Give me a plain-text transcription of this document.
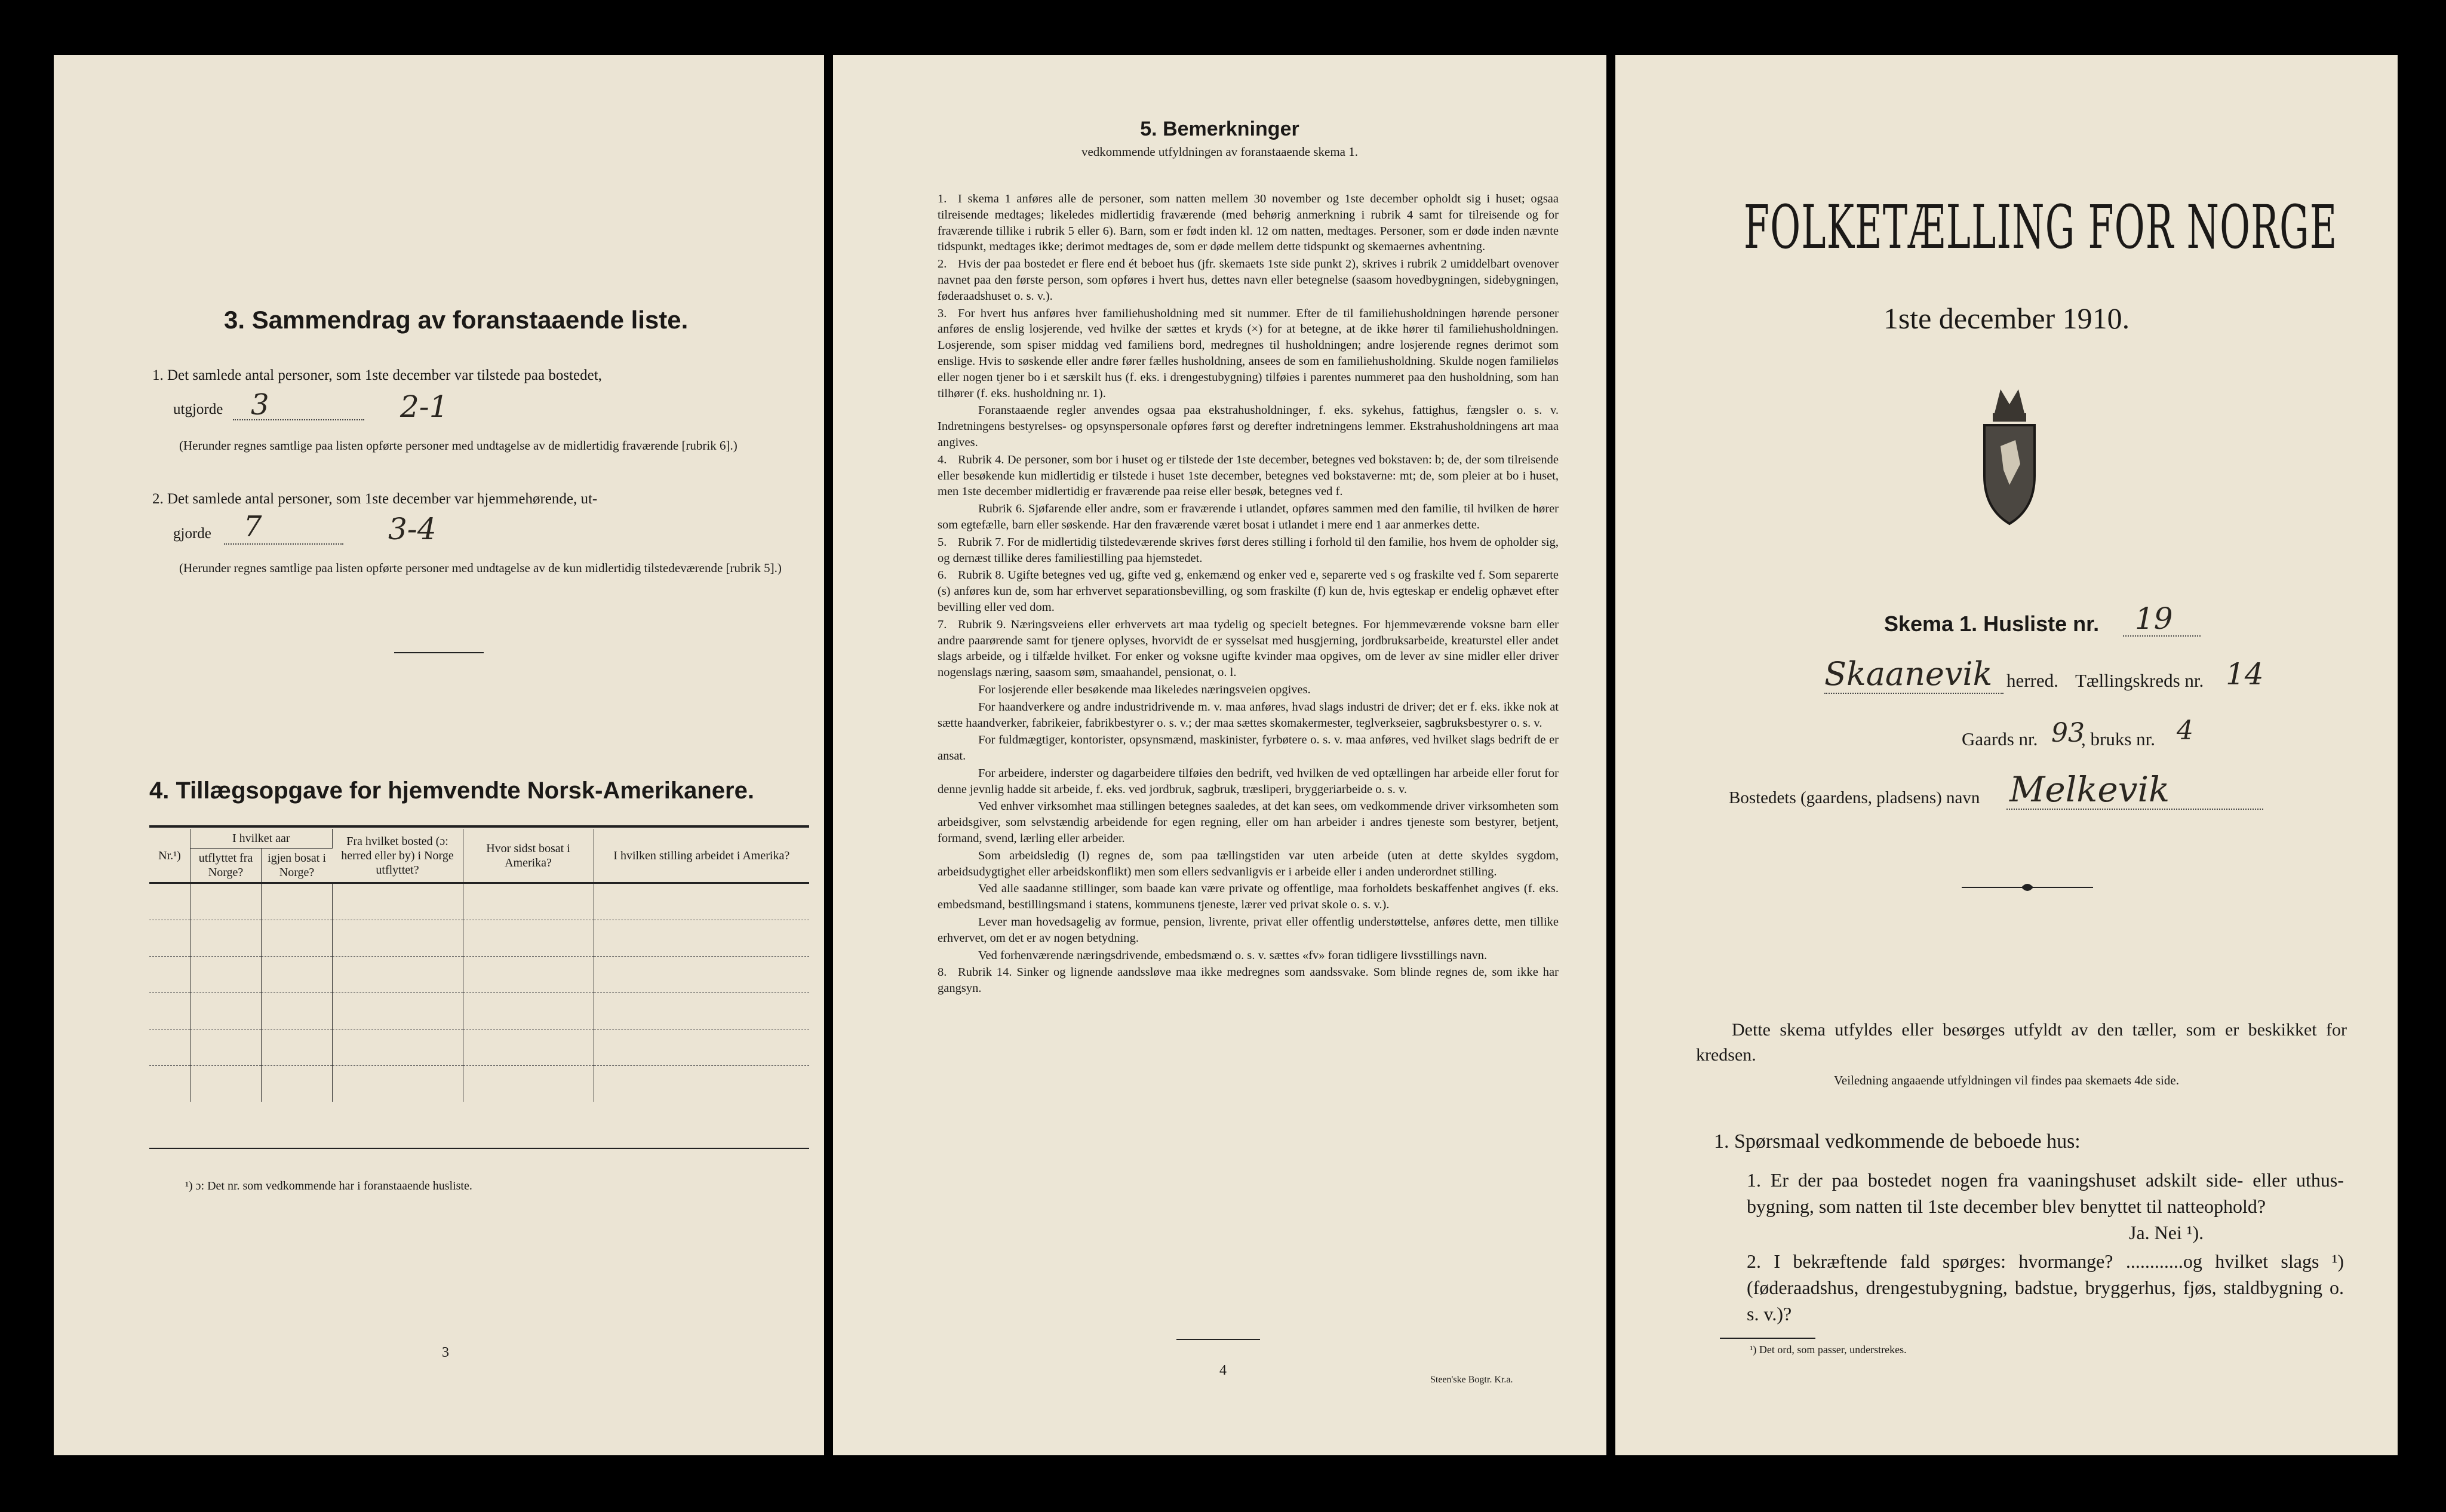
3. Sammendrag av foranstaaende liste.
1. Det samlede antal personer, som 1ste december var tilstede paa bostedet,
utgjorde 3	2-1
(Herunder regnes samtlige paa listen opførte personer med undtagelse av de midlertidig fraværende [rubrik 6].)
2. Det samlede antal personer, som 1ste december var hjemmehørende, ut-
gjorde 7	3-4
(Herunder regnes samtlige paa listen opførte personer med undtagelse av de kun midlertidig tilstedeværende [rubrik 5].)
4. Tillægsopgave for hjemvendte Norsk-Amerikanere.
Nr.¹)	I hvilket aar		Fra hvilket bosted (ɔ: herred eller by) i Norge utflyttet?	Hvor sidst bosat i Amerika?	I hvilken stilling arbeidet i Amerika?
	utflyttet fra Norge?	igjen bosat i Norge?			

¹) ɔ: Det nr. som vedkommende har i foranstaaende husliste.
3
5. Bemerkninger
vedkommende utfyldningen av foranstaaende skema 1.

1. I skema 1 anføres alle de personer, som natten mellem 30 november og 1ste december opholdt sig i huset; ogsaa tilreisende medtages; likeledes midlertidig fraværende (med behørig anmerkning i rubrik 4 samt for tilreisende og for fraværende tillike i rubrik 5 eller 6). Barn, som er født inden kl. 12 om natten, medtages. Personer, som er døde inden nævnte tidspunkt, medtages ikke; derimot medtages de, som er døde mellem dette tidspunkt og skemaernes avhentning.

2. Hvis der paa bostedet er flere end ét beboet hus (jfr. skemaets 1ste side punkt 2), skrives i rubrik 2 umiddelbart ovenover navnet paa den første person, som opføres i hvert hus, dettes navn eller betegnelse (saasom hovedbygningen, sidebygningen, føderaadshuset o. s. v.).

3. For hvert hus anføres hver familiehusholdning med sit nummer. Efter de til familiehusholdningen hørende personer anføres de enslig losjerende, ved hvilke der sættes et kryds (×) for at betegne, at de ikke hører til familiehusholdningen. Losjerende, som spiser middag ved familiens bord, medregnes til husholdningen; andre losjerende regnes derimot som enslige. Hvis to søskende eller andre fører fælles husholdning, ansees de som en familiehusholdning. Skulde nogen familieløs eller nogen tjener bo i et særskilt hus (f. eks. i drengestubygning) tilføies i parentes nummeret paa den husholdning, som han tilhører (f. eks. husholdning nr. 1).

Foranstaaende regler anvendes ogsaa paa ekstrahusholdninger, f. eks. sykehus, fattighus, fængsler o. s. v. Indretningens bestyrelses- og opsynspersonale opføres først og derefter indretningens lemmer. Ekstrahusholdningens art maa angives.

4. Rubrik 4. De personer, som bor i huset og er tilstede der 1ste december, betegnes ved bokstaven: b; de, der som tilreisende eller besøkende kun midlertidig er tilstede i huset 1ste december, betegnes ved bokstaverne: mt; de, som pleier at bo i huset, men 1ste december midlertidig er fraværende paa reise eller besøk, betegnes ved f.

Rubrik 6. Sjøfarende eller andre, som er fraværende i utlandet, opføres sammen med den familie, til hvilken de hører som egtefælle, barn eller søskende. Har den fraværende været bosat i utlandet i mere end 1 aar anmerkes dette.

5. Rubrik 7. For de midlertidig tilstedeværende skrives først deres stilling i forhold til den familie, hos hvem de opholder sig, og dernæst tillike deres familiestilling paa hjemstedet.

6. Rubrik 8. Ugifte betegnes ved ug, gifte ved g, enkemænd og enker ved e, separerte ved s og fraskilte ved f. Som separerte (s) anføres kun de, som har erhvervet separationsbevilling, og som fraskilte (f) kun de, hvis egteskap er endelig ophævet efter bevilling eller ved dom.

7. Rubrik 9. Næringsveiens eller erhvervets art maa tydelig og specielt betegnes. For hjemmeværende voksne barn eller andre paarørende samt for tjenere oplyses, hvorvidt de er sysselsat med husgjerning, jordbruksarbeide, kreaturstel eller andet slags arbeide, og i tilfælde hvilket. For enker og voksne ugifte kvinder maa opgives, om de lever av sine midler eller driver nogenslags næring, saasom søm, smaahandel, pensionat, o. l.

For losjerende eller besøkende maa likeledes næringsveien opgives.

For haandverkere og andre industridrivende m. v. maa anføres, hvad slags industri de driver; det er f. eks. ikke nok at sætte haandverker, fabrikeier, fabrikbestyrer o. s. v.; der maa sættes skomakermester, teglverkseier, sagbruksbestyrer o. s. v.

For fuldmægtiger, kontorister, opsynsmænd, maskinister, fyrbøtere o. s. v. maa anføres, ved hvilket slags bedrift de er ansat.

For arbeidere, inderster og dagarbeidere tilføies den bedrift, ved hvilken de ved optællingen har arbeide eller forut for denne jevnlig hadde sit arbeide, f. eks. ved jordbruk, sagbruk, træsliperi, bryggeriarbeide o. s. v.

Ved enhver virksomhet maa stillingen betegnes saaledes, at det kan sees, om vedkommende driver virksomheten som arbeidsgiver, som selvstændig arbeidende for egen regning, eller om han arbeider i andres tjeneste som bestyrer, betjent, formand, svend, lærling eller arbeider.

Som arbeidsledig (l) regnes de, som paa tællingstiden var uten arbeide (uten at dette skyldes sygdom, arbeidsudygtighet eller arbeidskonflikt) men som ellers sedvanligvis er i arbeide eller i anden underordnet stilling.

Ved alle saadanne stillinger, som baade kan være private og offentlige, maa forholdets beskaffenhet angives (f. eks. embedsmand, bestillingsmand i statens, kommunens tjeneste, lærer ved privat skole o. s. v.).

Lever man hovedsagelig av formue, pension, livrente, privat eller offentlig understøttelse, anføres dette, men tillike erhvervet, om det er av nogen betydning.

Ved forhenværende næringsdrivende, embedsmænd o. s. v. sættes «fv» foran tidligere livsstillings navn.

8. Rubrik 14. Sinker og lignende aandssløve maa ikke medregnes som aandssvake. Som blinde regnes de, som ikke har gangsyn.

4
Steen'ske Bogtr. Kr.a.
FOLKETÆLLING FOR NORGE
1ste december 1910.
Skema 1. Husliste nr. 19
Skaanevik herred. Tællingskreds nr. 14
Gaards nr. 93
, bruks nr. 4
Bostedets (gaardens, pladsens) navn Melkevik
Dette skema utfyldes eller besørges utfyldt av den tæller, som er beskikket for kredsen.
Veiledning angaaende utfyldningen vil findes paa skemaets 4de side.
1. Spørsmaal vedkommende de beboede hus:
1. Er der paa bostedet nogen fra vaaningshuset adskilt side- eller uthus-bygning, som natten til 1ste december blev benyttet til natteophold?
Ja. Nei ¹).
2. I bekræftende fald spørges: hvormange? ............og hvilket slags ¹) (føderaadshus, drengestubygning, badstue, bryggerhus, fjøs, staldbygning o. s. v.)?
¹) Det ord, som passer, understrekes.
